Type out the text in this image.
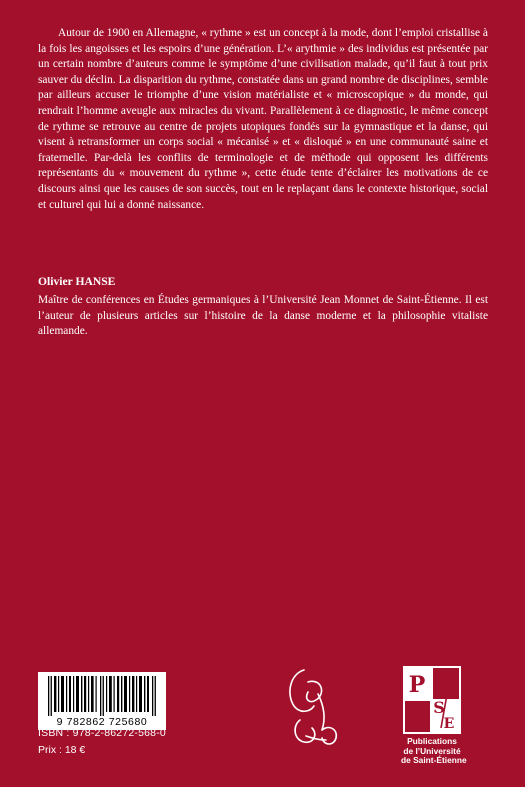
Autour de 1900 en Allemagne, « rythme » est un concept à la mode, dont l’emploi cristallise à la fois les angoisses et les espoirs d’une génération. L’« arythmie » des individus est présentée par un certain nombre d’auteurs comme le symptôme d’une civilisation malade, qu’il faut à tout prix sauver du déclin. La disparition du rythme, constatée dans un grand nombre de disciplines, semble par ailleurs accuser le triomphe d’une vision matérialiste et « microscopique » du monde, qui rendrait l’homme aveugle aux miracles du vivant. Parallèlement à ce diagnostic, le même concept de rythme se retrouve au centre de projets utopiques fondés sur la gymnastique et la danse, qui visent à retransformer un corps social « mécanisé » et « disloqué » en une communauté saine et fraternelle. Par-delà les conflits de terminologie et de méthode qui opposent les différents représentants du « mouvement du rythme », cette étude tente d’éclairer les motivations de ce discours ainsi que les causes de son succès, tout en le replaçant dans le contexte historique, social et culturel qui lui a donné naissance.

Olivier HANSE

Maître de conférences en Études germaniques à l’Université Jean Monnet de Saint-Étienne. Il est l’auteur de plusieurs articles sur l’histoire de la danse moderne et la philosophie vitaliste allemande.

9 782862 725680
ISBN : 978-2-86272-568-0
Prix : 18 €
P
S
E
Publications
de l’Université
de Saint-Étienne
